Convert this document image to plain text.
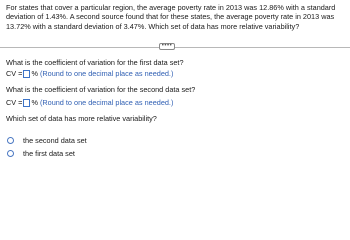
For states that cover a particular region, the average poverty rate in 2013 was 12.86% with a standard deviation of 1.43%. A second source found that for these states, the average poverty rate in 2013 was 13.72% with a standard deviation of 3.47%. Which set of data has more relative variability?

••••

What is the coefficient of variation for the first data set?

CV = % (Round to one decimal place as needed.)

What is the coefficient of variation for the second data set?

CV = % (Round to one decimal place as needed.)

Which set of data has more relative variability?

the second data set
the first data set
